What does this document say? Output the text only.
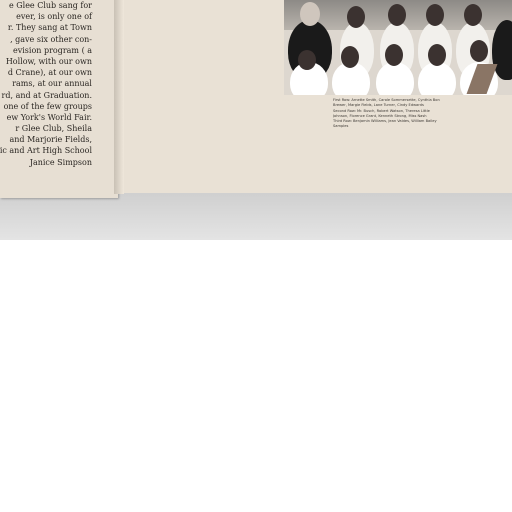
e Glee Club sang for
ever, is only one of
r. They sang at Town
, gave six other con-
evision program ( a
Hollow, with our own
d Crane), at our own
rams, at our annual
rd, and at Graduation.
one of the few groups
ew York's World Fair.
r Glee Club, Sheila
and Marjorie Fields,
ic and Art High School
Janice Simpson
First Row: Arnette Smith, Carole Sommersette, Cynthia Bon
Brewer, Margie Fields, Lane Turner, Cindy Edwards
Second Row: Mr. Busch, Robert Watson, Theresa Little
Johnson, Florence Grant, Kenneth Strong, Miss Nash
Third Row: Benjamin Williams, Jean Valdes, William Bailey
Samples
